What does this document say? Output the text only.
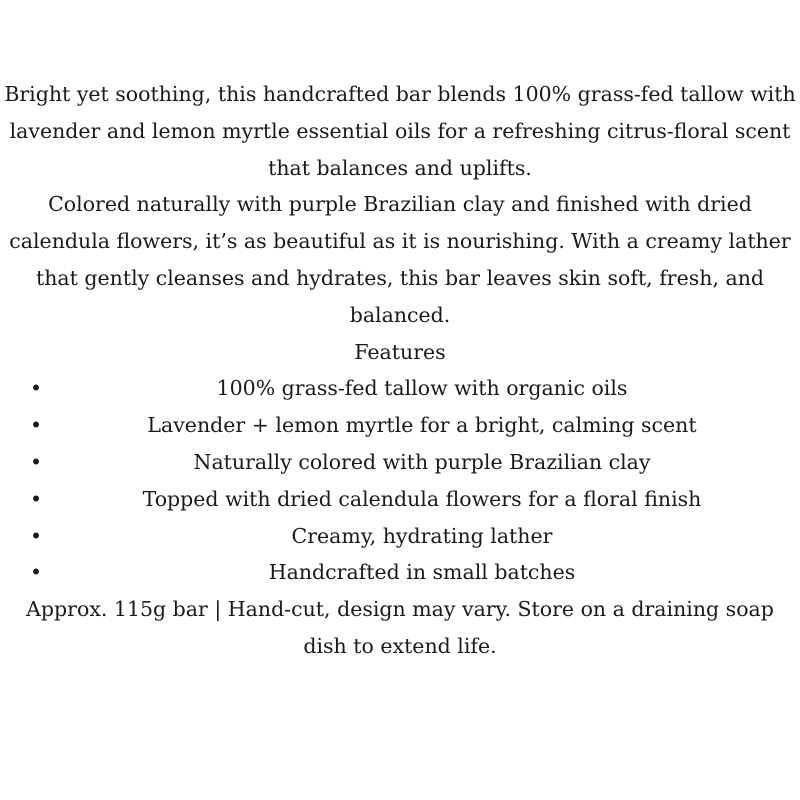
Bright yet soothing, this handcrafted bar blends 100% grass-fed tallow with lavender and lemon myrtle essential oils for a refreshing citrus-floral scent that balances and uplifts.

Colored naturally with purple Brazilian clay and finished with dried calendula flowers, it’s as beautiful as it is nourishing. With a creamy lather that gently cleanses and hydrates, this bar leaves skin soft, fresh, and balanced.

Features

•	100% grass-fed tallow with organic oils
•	Lavender + lemon myrtle for a bright, calming scent
•	Naturally colored with purple Brazilian clay
•	Topped with dried calendula flowers for a floral finish
•	Creamy, hydrating lather
•	Handcrafted in small batches

Approx. 115g bar | Hand-cut, design may vary. Store on a draining soap dish to extend life.
